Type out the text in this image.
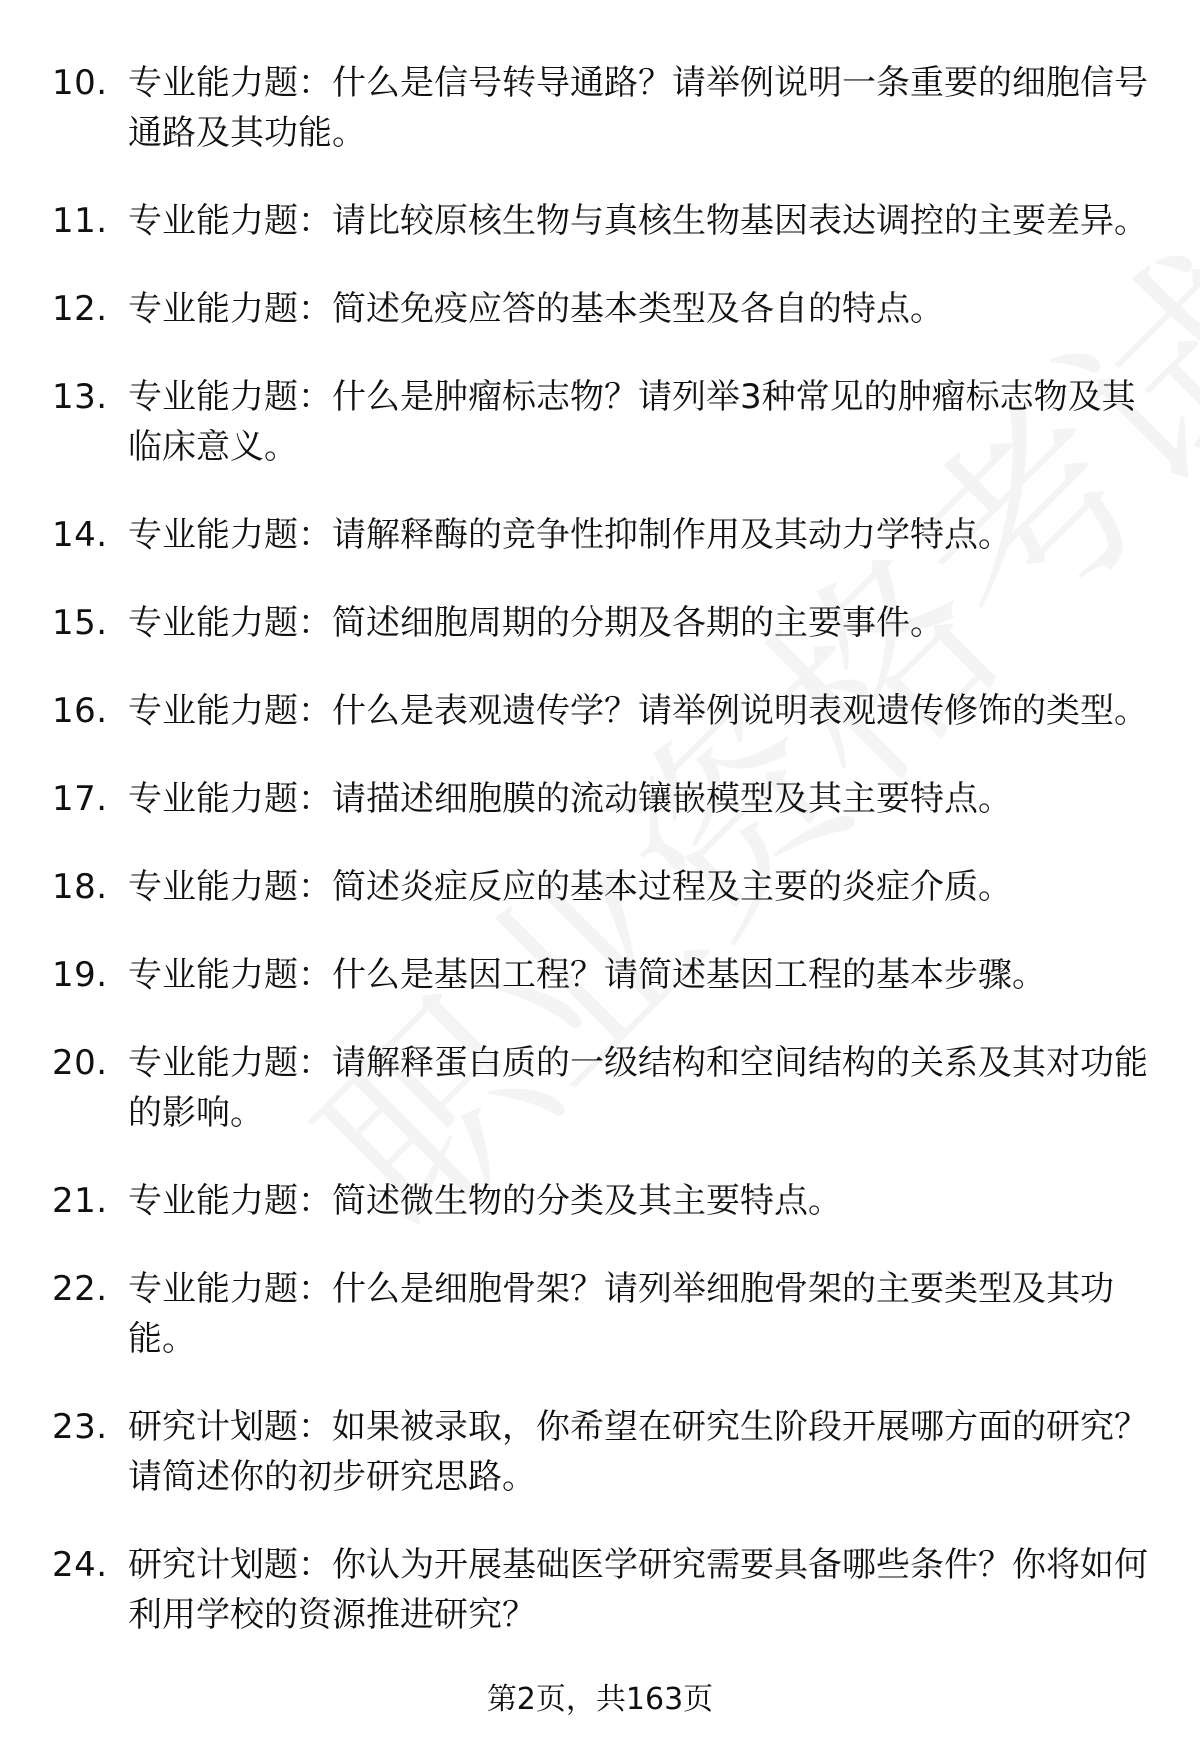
10. 专业能力题：什么是信号转导通路？请举例说明一条重要的细胞信号通路及其功能。
11. 专业能力题：请比较原核生物与真核生物基因表达调控的主要差异。
12. 专业能力题：简述免疫应答的基本类型及各自的特点。
13. 专业能力题：什么是肿瘤标志物？请列举3种常见的肿瘤标志物及其临床意义。
14. 专业能力题：请解释酶的竞争性抑制作用及其动力学特点。
15. 专业能力题：简述细胞周期的分期及各期的主要事件。
16. 专业能力题：什么是表观遗传学？请举例说明表观遗传修饰的类型。
17. 专业能力题：请描述细胞膜的流动镶嵌模型及其主要特点。
18. 专业能力题：简述炎症反应的基本过程及主要的炎症介质。
19. 专业能力题：什么是基因工程？请简述基因工程的基本步骤。
20. 专业能力题：请解释蛋白质的一级结构和空间结构的关系及其对功能的影响。
21. 专业能力题：简述微生物的分类及其主要特点。
22. 专业能力题：什么是细胞骨架？请列举细胞骨架的主要类型及其功能。
23. 研究计划题：如果被录取，你希望在研究生阶段开展哪方面的研究？请简述你的初步研究思路。
24. 研究计划题：你认为开展基础医学研究需要具备哪些条件？你将如何利用学校的资源推进研究？
第2页，共163页
